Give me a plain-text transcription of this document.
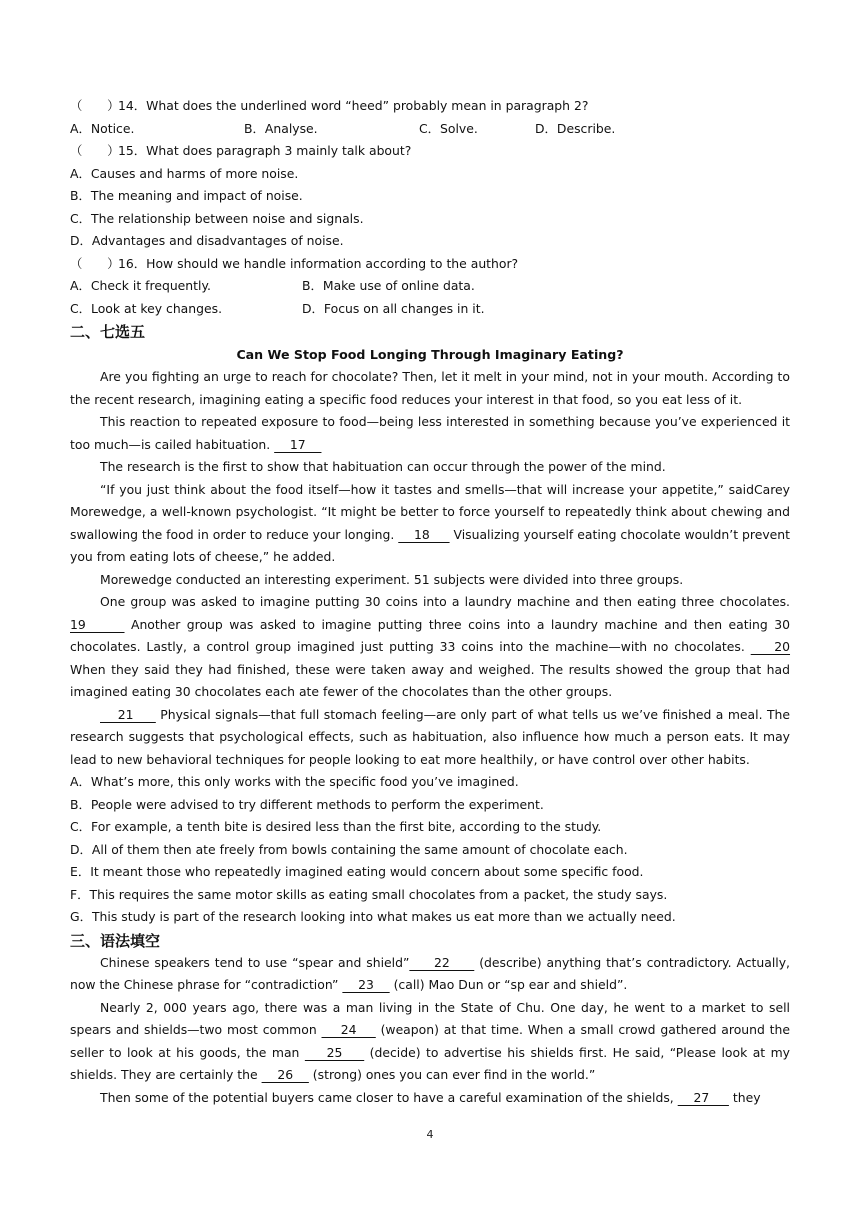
（　　）14．What does the underlined word “heed” probably mean in paragraph 2?
A．Notice.	B．Analyse.	C．Solve.	D．Describe.
（　　）15．What does paragraph 3 mainly talk about?
A．Causes and harms of more noise.
B．The meaning and impact of noise.
C．The relationship between noise and signals.
D．Advantages and disadvantages of noise.
（　　）16．How should we handle information according to the author?
A．Check it frequently.	B．Make use of online data.
C．Look at key changes.	D．Focus on all changes in it.
二、七选五
Can We Stop Food Longing Through Imaginary Eating?
Are you fighting an urge to reach for chocolate? Then, let it melt in your mind, not in your mouth. According to the recent research, imagining eating a specific food reduces your interest in that food, so you eat less of it.
This reaction to repeated exposure to food—being less interested in something because you’ve experienced it too much—is cailed habituation.     17
The research is the first to show that habituation can occur through the power of the mind.
“If you just think about the food itself—how it tastes and smells—that will increase your appetite,” saidCarey Morewedge, a well-known psychologist. “It might be better to force yourself to repeatedly think about chewing and swallowing the food in order to reduce your longing.     18      Visualizing yourself eating chocolate wouldn’t prevent you from eating lots of cheese,” he added.
Morewedge conducted an interesting experiment. 51 subjects were divided into three groups.
One group was asked to imagine putting 30 coins into a laundry machine and then eating three chocolates. 19       Another group was asked to imagine putting three coins into a laundry machine and then eating 30 chocolates. Lastly, a control group imagined just putting 33 coins into the machine—with no chocolates.     20 When they said they had finished, these were taken away and weighed. The results showed the group that had imagined eating 30 chocolates each ate fewer of the chocolates than the other groups.
21      Physical signals—that full stomach feeling—are only part of what tells us we’ve finished a meal. The research suggests that psychological effects, such as habituation, also influence how much a person eats. It may lead to new behavioral techniques for people looking to eat more healthily, or have control over other habits.
A．What’s more, this only works with the specific food you’ve imagined.
B．People were advised to try different methods to perform the experiment.
C．For example, a tenth bite is desired less than the first bite, according to the study.
D．All of them then ate freely from bowls containing the same amount of chocolate each.
E．It meant those who repeatedly imagined eating would concern about some specific food.
F．This requires the same motor skills as eating small chocolates from a packet, the study says.
G．This study is part of the research looking into what makes us eat more than we actually need.
三、语法填空
Chinese speakers tend to use “spear and shield”     22      (describe) anything that’s contradictory. Actually, now the Chinese phrase for “contradiction”     23     (call) Mao Dun or “sp ear and shield”.
Nearly 2, 000 years ago, there was a man living in the State of Chu. One day, he went to a market to sell spears and shields—two most common     24     (weapon) at that time. When a small crowd gathered around the seller to look at his goods, the man     25     (decide) to advertise his shields first. He said, “Please look at my shields. They are certainly the     26     (strong) ones you can ever find in the world.”
Then some of the potential buyers came closer to have a careful examination of the shields,     27      they
4
